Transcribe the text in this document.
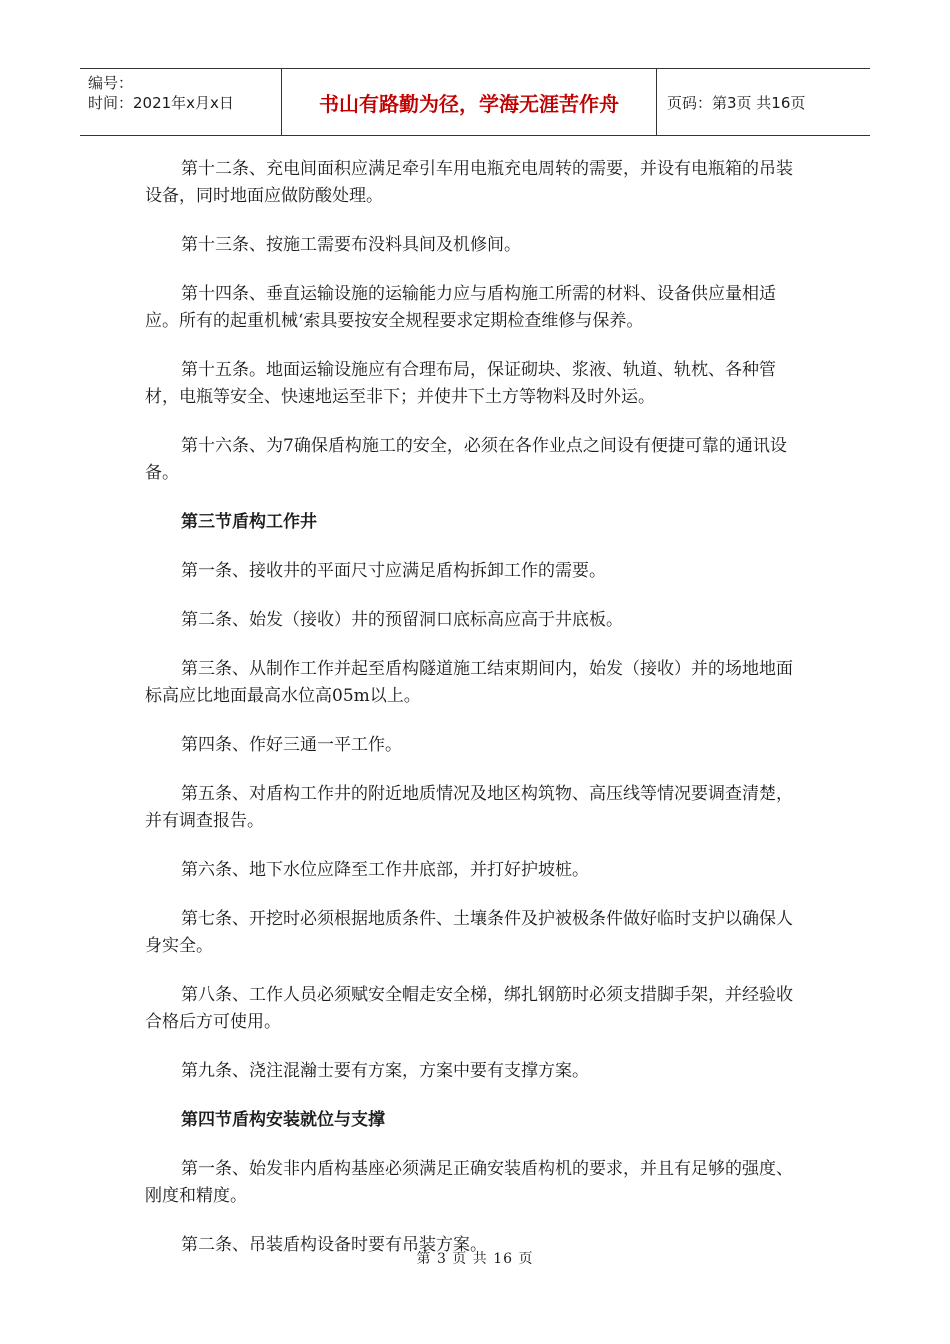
编号：
时间：2021年x月x日	书山有路勤为径，学海无涯苦作舟	页码：第3页 共16页

第十二条、充电间面积应满足牵引车用电瓶充电周转的需要，并设有电瓶箱的吊装设备，同时地面应做防酸处理。

第十三条、按施工需要布没料具间及机修间。

第十四条、垂直运输设施的运输能力应与盾构施工所需的材料、设备供应量相适应。所有的起重机械‘索具要按安全规程要求定期检查维修与保养。

第十五条。地面运输设施应有合理布局，保证砌块、浆液、轨道、轨枕、各种管材，电瓶等安全、快速地运至非下；并使井下土方等物料及时外运。

第十六条、为7确保盾构施工的安全，必须在各作业点之间设有便捷可靠的通讯设备。

第三节盾构工作井

第一条、接收井的平面尺寸应满足盾构拆卸工作的需要。

第二条、始发（接收）井的预留洞口底标高应高于井底板。

第三条、从制作工作并起至盾构隧道施工结束期间内，始发（接收）并的场地地面标高应比地面最高水位高05m以上。

第四条、作好三通一平工作。

第五条、对盾构工作井的附近地质情况及地区构筑物、高压线等情况要调查清楚，并有调查报告。

第六条、地下水位应降至工作井底部，并打好护坡桩。

第七条、开挖时必须根据地质条件、土壤条件及护被极条件做好临时支护以确保人身实全。

第八条、工作人员必须赋安全帽走安全梯，绑扎钢筋时必须支措脚手架，并经验收合格后方可使用。

第九条、浇注混瀚士要有方案，方案中要有支撑方案。

第四节盾构安装就位与支撑

第一条、始发非内盾构基座必须满足正确安装盾构机的要求，并且有足够的强度、刚度和精度。

第二条、吊装盾构设备时要有吊装方案。

第 3 页 共 16 页
